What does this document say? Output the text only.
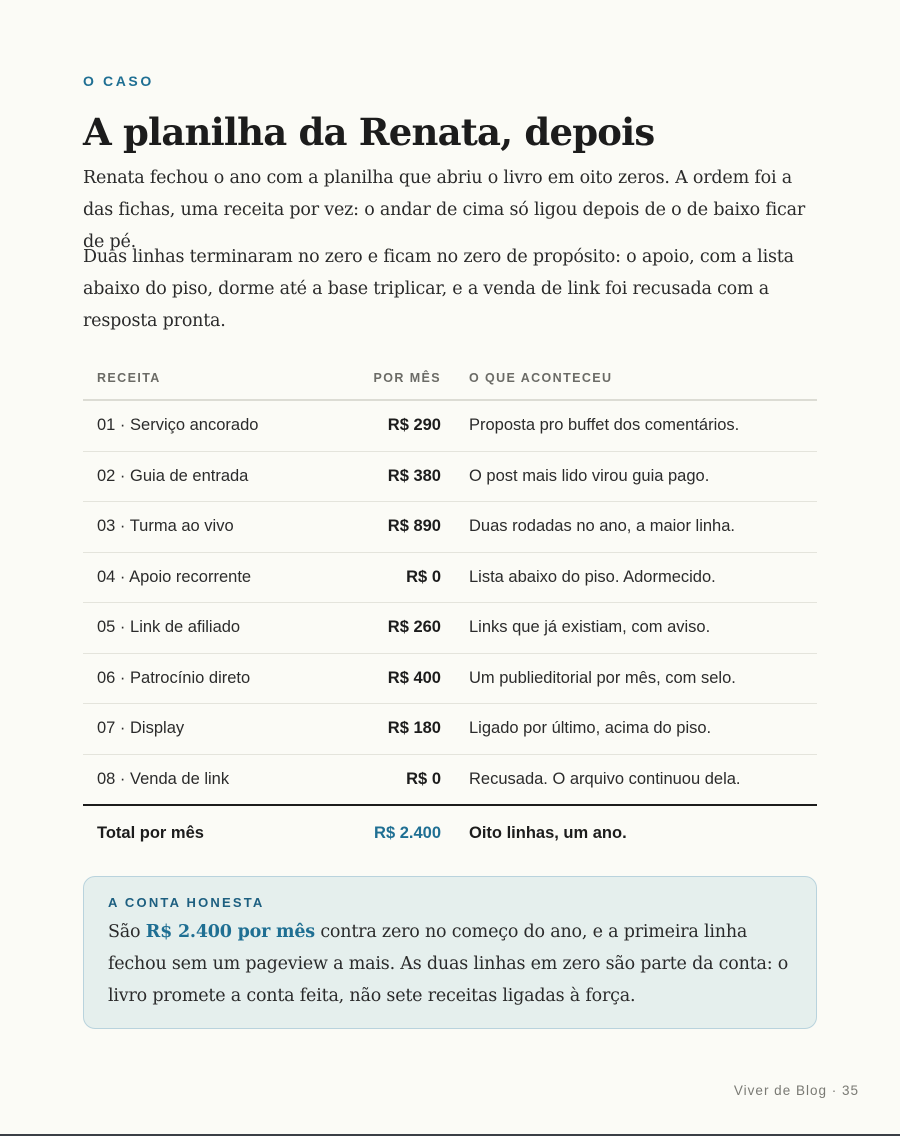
O CASO
A planilha da Renata, depois

Renata fechou o ano com a planilha que abriu o livro em oito zeros. A ordem foi a das fichas, uma receita por vez: o andar de cima só ligou depois de o de baixo ficar de pé.

Duas linhas terminaram no zero e ficam no zero de propósito: o apoio, com a lista abaixo do piso, dorme até a base triplicar, e a venda de link foi recusada com a resposta pronta.

RECEITA	POR MÊS	O QUE ACONTECEU
01 · Serviço ancorado	R$ 290	Proposta pro buffet dos comentários.
02 · Guia de entrada	R$ 380	O post mais lido virou guia pago.
03 · Turma ao vivo	R$ 890	Duas rodadas no ano, a maior linha.
04 · Apoio recorrente	R$ 0	Lista abaixo do piso. Adormecido.
05 · Link de afiliado	R$ 260	Links que já existiam, com aviso.
06 · Patrocínio direto	R$ 400	Um publieditorial por mês, com selo.
07 · Display	R$ 180	Ligado por último, acima do piso.
08 · Venda de link	R$ 0	Recusada. O arquivo continuou dela.
Total por mês	R$ 2.400	Oito linhas, um ano.
A CONTA HONESTA
São R$ 2.400 por mês contra zero no começo do ano, e a primeira linha fechou sem um pageview a mais. As duas linhas em zero são parte da conta: o livro promete a conta feita, não sete receitas ligadas à força.
Viver de Blog · 35
